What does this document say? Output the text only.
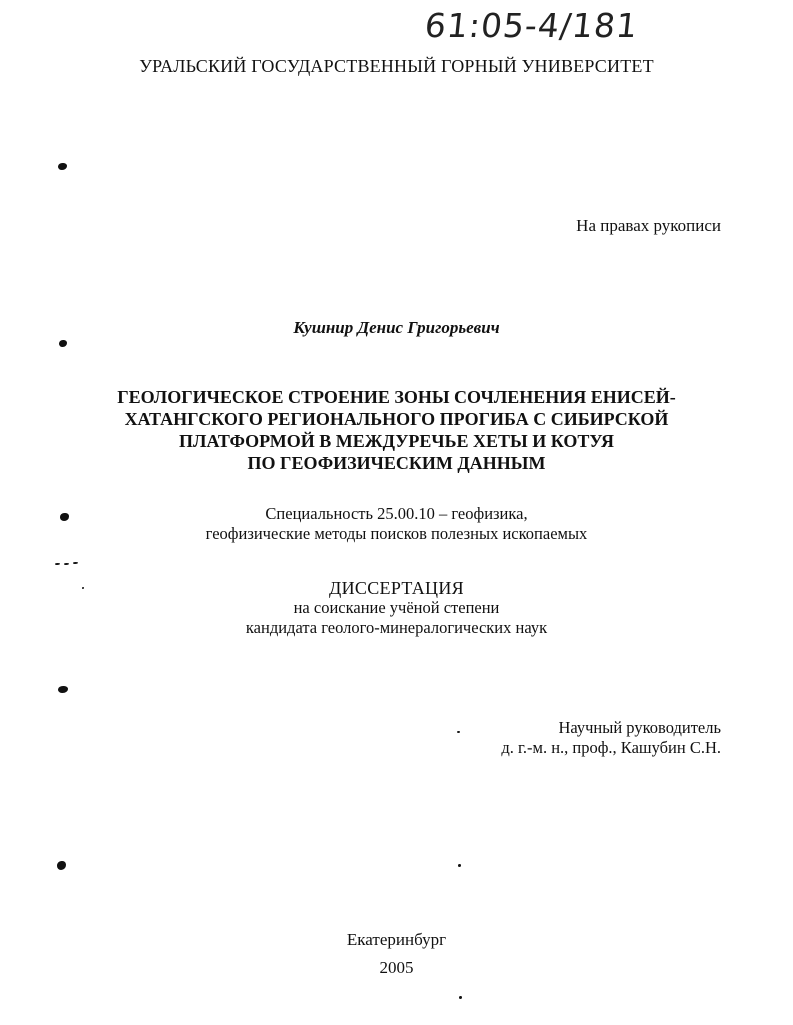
61:05-4/181
УРАЛЬСКИЙ ГОСУДАРСТВЕННЫЙ ГОРНЫЙ УНИВЕРСИТЕТ
На правах рукописи
Кушнир Денис Григорьевич
ГЕОЛОГИЧЕСКОЕ СТРОЕНИЕ ЗОНЫ СОЧЛЕНЕНИЯ ЕНИСЕЙ-
ХАТАНГСКОГО РЕГИОНАЛЬНОГО ПРОГИБА С СИБИРСКОЙ
ПЛАТФОРМОЙ В МЕЖДУРЕЧЬЕ ХЕТЫ И КОТУЯ
ПО ГЕОФИЗИЧЕСКИМ ДАННЫМ
Специальность 25.00.10 – геофизика,
геофизические методы поисков полезных ископаемых
ДИССЕРТАЦИЯ
на соискание учёной степени
кандидата геолого-минералогических наук
Научный руководитель
д. г.-м. н., проф., Кашубин С.Н.
Екатеринбург
2005
